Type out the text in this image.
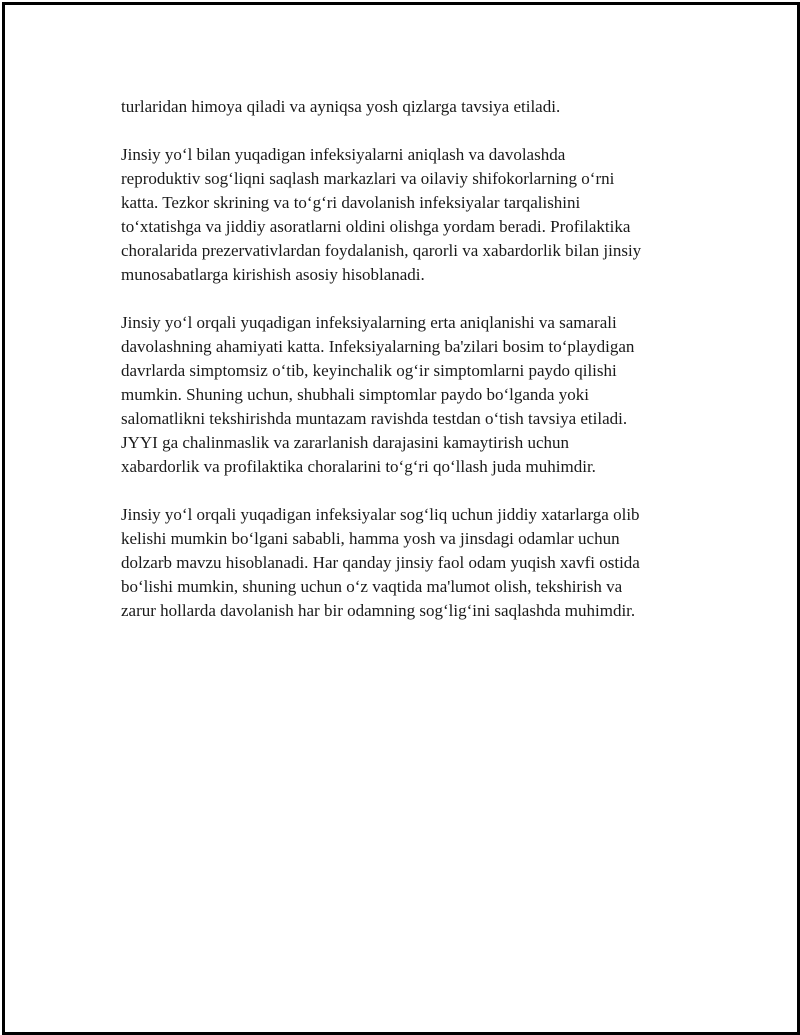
turlaridan himoya qiladi va ayniqsa yosh qizlarga tavsiya etiladi.

Jinsiy yo‘l bilan yuqadigan infeksiyalarni aniqlash va davolashda
reproduktiv sog‘liqni saqlash markazlari va oilaviy shifokorlarning o‘rni
katta. Tezkor skrining va to‘g‘ri davolanish infeksiyalar tarqalishini
to‘xtatishga va jiddiy asoratlarni oldini olishga yordam beradi. Profilaktika
choralarida prezervativlardan foydalanish, qarorli va xabardorlik bilan jinsiy
munosabatlarga kirishish asosiy hisoblanadi.

Jinsiy yo‘l orqali yuqadigan infeksiyalarning erta aniqlanishi va samarali
davolashning ahamiyati katta. Infeksiyalarning ba'zilari bosim to‘playdigan
davrlarda simptomsiz o‘tib, keyinchalik og‘ir simptomlarni paydo qilishi
mumkin. Shuning uchun, shubhali simptomlar paydo bo‘lganda yoki
salomatlikni tekshirishda muntazam ravishda testdan o‘tish tavsiya etiladi.
JYYI ga chalinmaslik va zararlanish darajasini kamaytirish uchun
xabardorlik va profilaktika choralarini to‘g‘ri qo‘llash juda muhimdir.

Jinsiy yo‘l orqali yuqadigan infeksiyalar sog‘liq uchun jiddiy xatarlarga olib
kelishi mumkin bo‘lgani sababli, hamma yosh va jinsdagi odamlar uchun
dolzarb mavzu hisoblanadi. Har qanday jinsiy faol odam yuqish xavfi ostida
bo‘lishi mumkin, shuning uchun o‘z vaqtida ma'lumot olish, tekshirish va
zarur hollarda davolanish har bir odamning sog‘lig‘ini saqlashda muhimdir.
